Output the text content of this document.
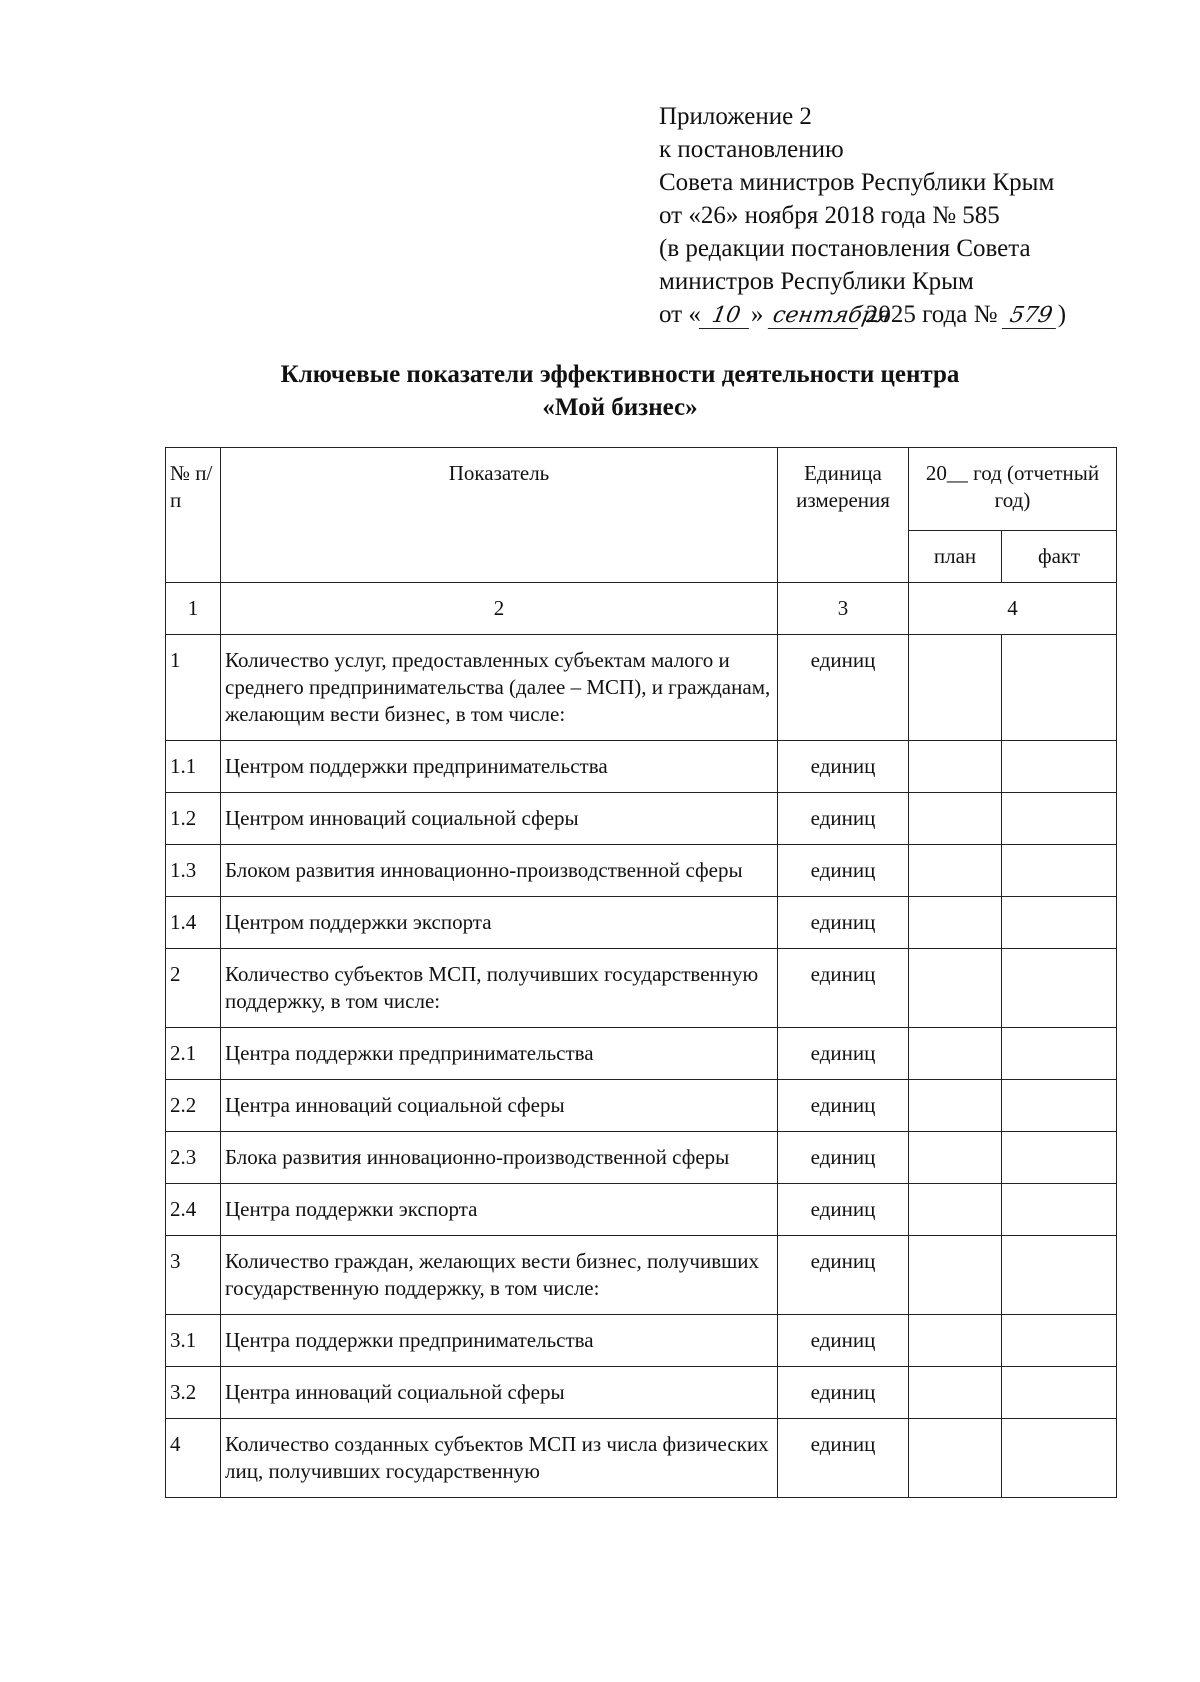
Приложение 2
к постановлению
Совета министров Республики Крым
от «26» ноября 2018 года № 585
(в редакции постановления Совета
министров Республики Крым
от « 10 » сентября 2025 года № 579 )
Ключевые показатели эффективности деятельности центра
«Мой бизнес»
№ п/п	Показатель	Единица измерения	20__ год (отчетный год)	
			план	факт
1	2	3	4	
1	Количество услуг, предоставленных субъектам малого и среднего предпринимательства (далее – МСП), и гражданам, желающим вести бизнес, в том числе:	единиц		
1.1	Центром поддержки предпринимательства	единиц		
1.2	Центром инноваций социальной сферы	единиц		
1.3	Блоком развития инновационно-производственной сферы	единиц		
1.4	Центром поддержки экспорта	единиц		
2	Количество субъектов МСП, получивших государственную поддержку, в том числе:	единиц		
2.1	Центра поддержки предпринимательства	единиц		
2.2	Центра инноваций социальной сферы	единиц		
2.3	Блока развития инновационно-производственной сферы	единиц		
2.4	Центра поддержки экспорта	единиц		
3	Количество граждан, желающих вести бизнес, получивших государственную поддержку, в том числе:	единиц		
3.1	Центра поддержки предпринимательства	единиц		
3.2	Центра инноваций социальной сферы	единиц		
4	Количество созданных субъектов МСП из числа физических лиц, получивших государственную	единиц		
